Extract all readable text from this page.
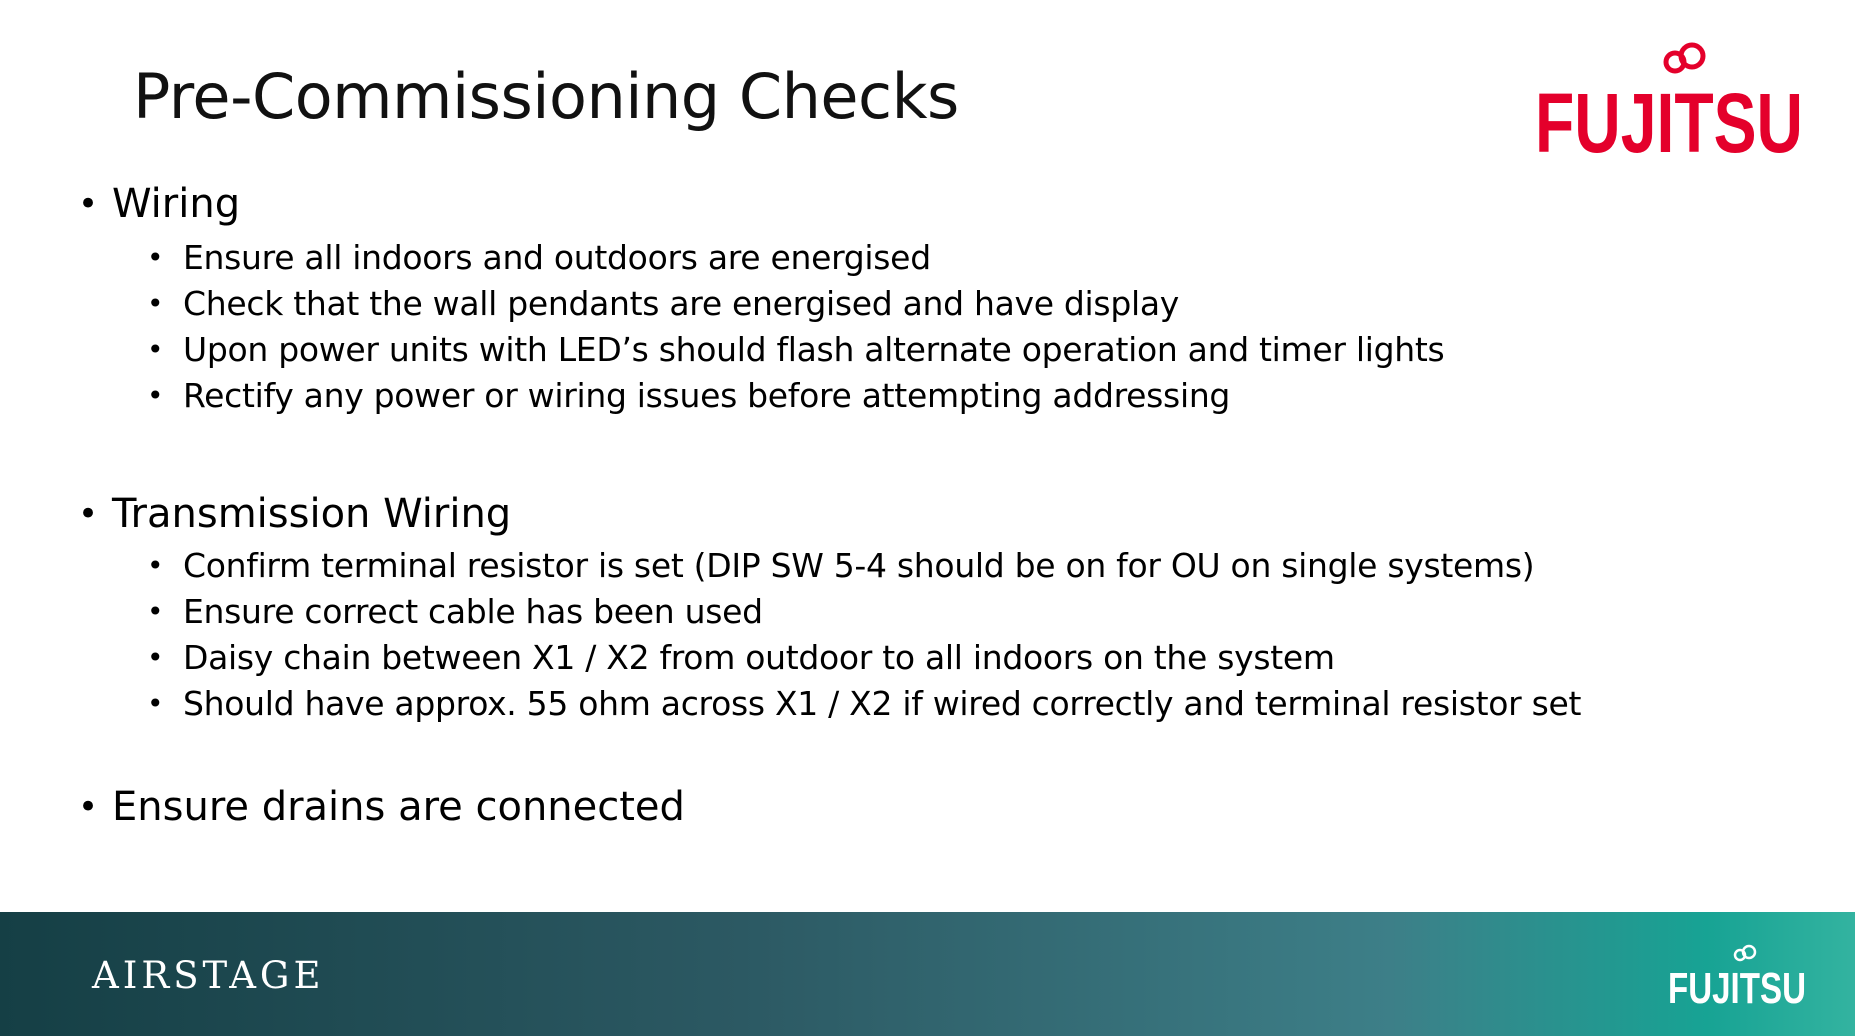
Pre-Commissioning Checks	FUJITSU
• Wiring
• Ensure all indoors and outdoors are energised
• Check that the wall pendants are energised and have display
• Upon power units with LED’s should flash alternate operation and timer lights
• Rectify any power or wiring issues before attempting addressing
• Transmission Wiring
• Confirm terminal resistor is set (DIP SW 5-4 should be on for OU on single systems)
• Ensure correct cable has been used
• Daisy chain between X1 / X2 from outdoor to all indoors on the system
• Should have approx. 55 ohm across X1 / X2 if wired correctly and terminal resistor set
• Ensure drains are connected
AIRSTAGE	FUJITSU
